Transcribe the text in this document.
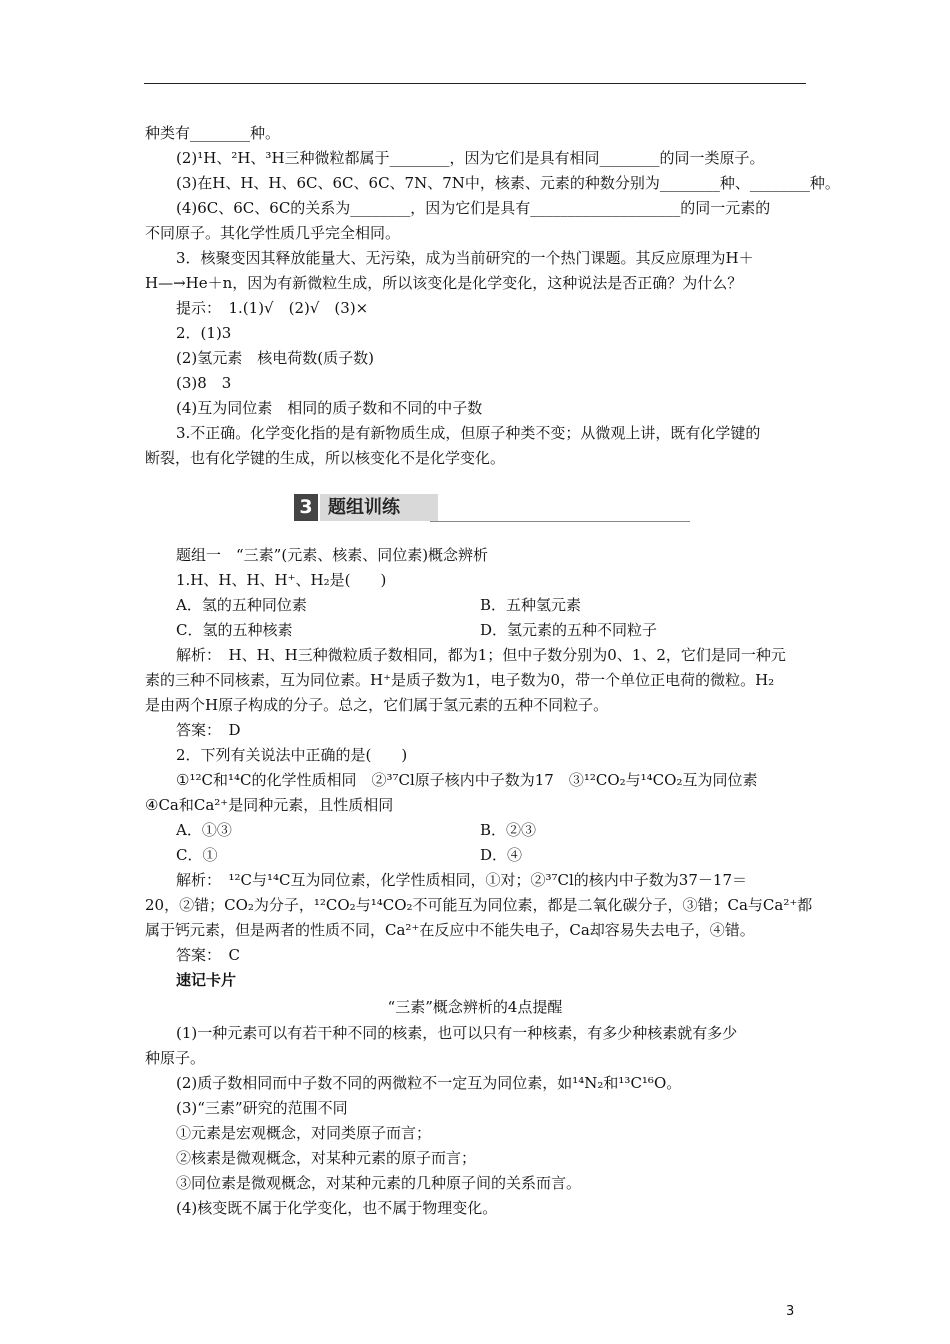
种类有________种。
(2)¹H、²H、³H三种微粒都属于________，因为它们是具有相同________的同一类原子。
(3)在H、H、H、6C、6C、6C、7N、7N中，核素、元素的种数分别为________种、________种。
(4)6C、6C、6C的关系为________，因为它们是具有____________________的同一元素的
不同原子。其化学性质几乎完全相同。
3．核聚变因其释放能量大、无污染，成为当前研究的一个热门课题。其反应原理为H＋
H—→He＋n，因为有新微粒生成，所以该变化是化学变化，这种说法是否正确？为什么？
提示：　1.(1)√　(2)√　(3)×
2．(1)3
(2)氢元素　核电荷数(质子数)
(3)8　3
(4)互为同位素　相同的质子数和不同的中子数
3.不正确。化学变化指的是有新物质生成，但原子种类不变；从微观上讲，既有化学键的
断裂，也有化学键的生成，所以核变化不是化学变化。
3 题组训练
题组一　“三素”(元素、核素、同位素)概念辨析
1.H、H、H、H⁺、H₂是(　　)
A．氢的五种同位素	B．五种氢元素
C．氢的五种核素	D．氢元素的五种不同粒子
解析：　H、H、H三种微粒质子数相同，都为1；但中子数分别为0、1、2，它们是同一种元
素的三种不同核素，互为同位素。H⁺是质子数为1，电子数为0，带一个单位正电荷的微粒。H₂
是由两个H原子构成的分子。总之，它们属于氢元素的五种不同粒子。
答案：　D
2．下列有关说法中正确的是(　　)
①¹²C和¹⁴C的化学性质相同　②³⁷Cl原子核内中子数为17　③¹²CO₂与¹⁴CO₂互为同位素
④Ca和Ca²⁺是同种元素，且性质相同
A．①③	B．②③
C．①	D．④
解析：　¹²C与¹⁴C互为同位素，化学性质相同，①对；②³⁷Cl的核内中子数为37－17＝
20，②错；CO₂为分子，¹²CO₂与¹⁴CO₂不可能互为同位素，都是二氧化碳分子，③错；Ca与Ca²⁺都
属于钙元素，但是两者的性质不同，Ca²⁺在反应中不能失电子，Ca却容易失去电子，④错。
答案：　C
速记卡片
“三素”概念辨析的4点提醒
(1)一种元素可以有若干种不同的核素，也可以只有一种核素，有多少种核素就有多少
种原子。
(2)质子数相同而中子数不同的两微粒不一定互为同位素，如¹⁴N₂和¹³C¹⁶O。
(3)“三素”研究的范围不同
①元素是宏观概念，对同类原子而言；
②核素是微观概念，对某种元素的原子而言；
③同位素是微观概念，对某种元素的几种原子间的关系而言。
(4)核变既不属于化学变化，也不属于物理变化。
3
